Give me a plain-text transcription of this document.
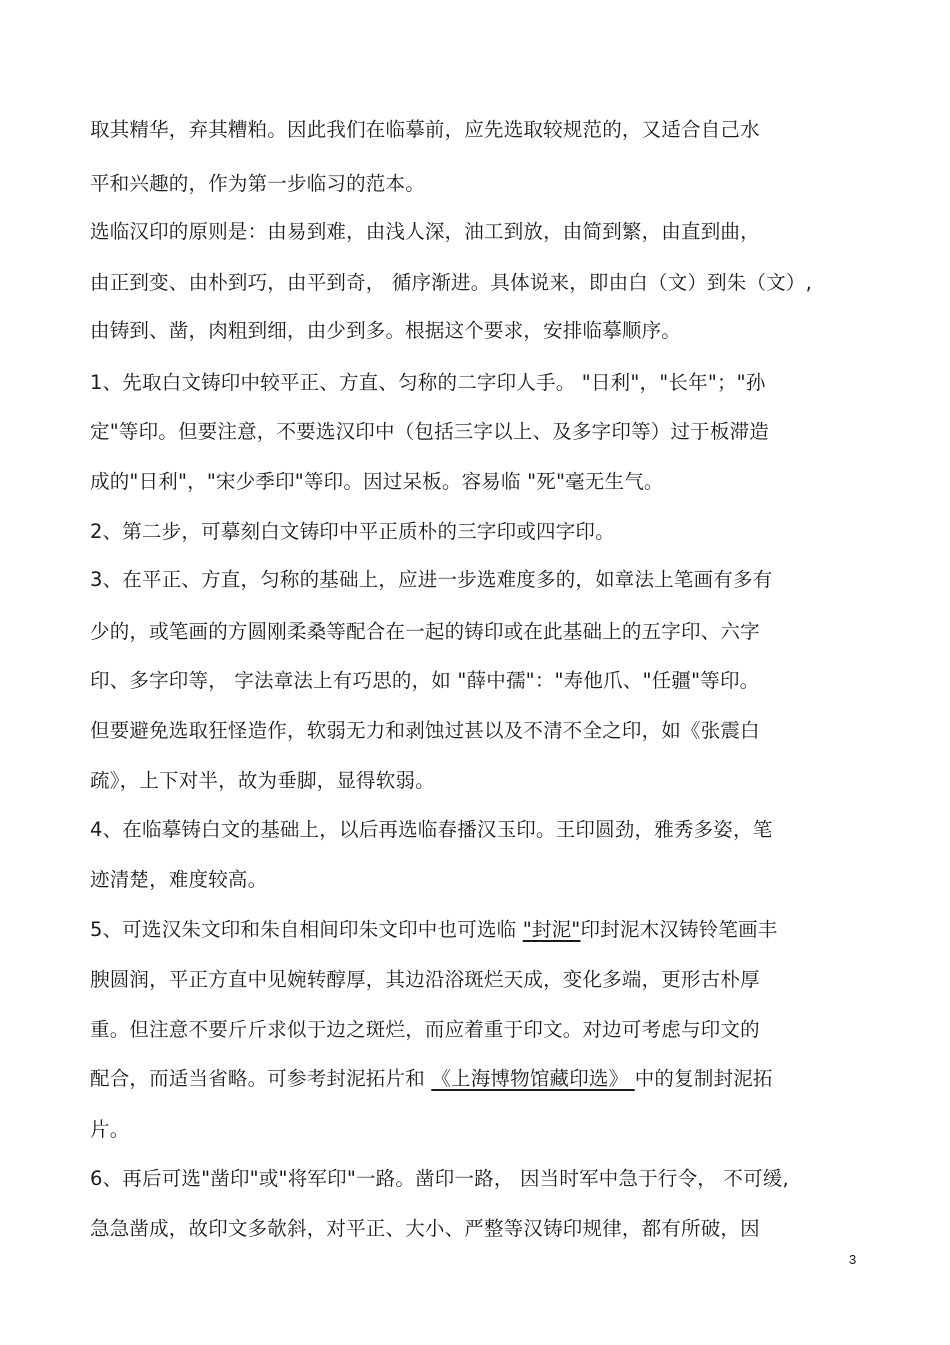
取其精华，弃其糟粕。因此我们在临摹前，应先选取较规范的，又适合自己水
平和兴趣的，作为第一步临习的范本。
选临汉印的原则是：由易到难，由浅人深，油工到放，由简到繁，由直到曲，
由正到变、由朴到巧，由平到奇， 循序渐进。具体说来，即由白（文）到朱（文）,
由铸到、凿，肉粗到细，由少到多。根据这个要求，安排临摹顺序。
1、先取白文铸印中较平正、方直、匀称的二字印人手。 "日利"，"长年"；"孙
定"等印。但要注意，不要选汉印中（包括三字以上、及多字印等）过于板滞造
成的"日利"，"宋少季印"等印。因过呆板。容易临 "死"毫无生气。
2、第二步，可摹刻白文铸印中平正质朴的三字印或四字印。
3、在平正、方直，匀称的基础上，应进一步选难度多的，如章法上笔画有多有
少的，或笔画的方圆刚柔桑等配合在一起的铸印或在此基础上的五字印、六字
印、多字印等， 字法章法上有巧思的，如 "薛中孺"："寿他爪、"任疆"等印。
但要避免选取狂怪造作，软弱无力和剥蚀过甚以及不清不全之印，如《张震白
疏》，上下对半，故为垂脚，显得软弱。
4、在临摹铸白文的基础上，以后再选临春播汉玉印。王印圆劲，雅秀多姿，笔
迹清楚，难度较高。
5、可选汉朱文印和朱自相间印朱文印中也可选临 "封泥"印封泥木汉铸铃笔画丰
腴圆润，平正方直中见婉转醇厚，其边沿浴斑烂天成，变化多端，更形古朴厚
重。但注意不要斤斤求似于边之斑烂，而应着重于印文。对边可考虑与印文的
配合，而适当省略。可参考封泥拓片和 《上海博物馆藏印选》 中的复制封泥拓
片。
6、再后可选"凿印"或"将军印"一路。凿印一路， 因当时军中急于行令， 不可缓,
急急凿成，故印文多欹斜，对平正、大小、严整等汉铸印规律，都有所破，因
3
